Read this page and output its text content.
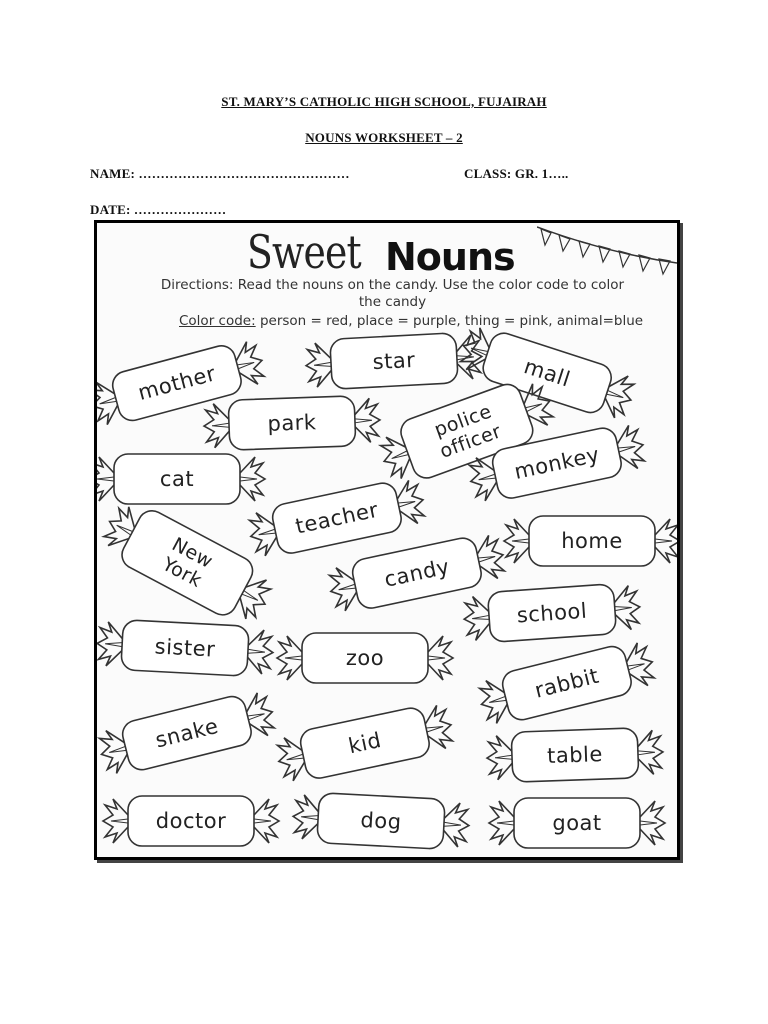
ST. MARY’S CATHOLIC HIGH SCHOOL, FUJAIRAH
NOUNS WORKSHEET – 2
NAME: …………………………………………	CLASS: GR. 1…..
DATE: …………………
Sweet Nouns
Directions: Read the nouns on the candy. Use the color code to color
the candy
Color code: person = red, place = purple, thing = pink, animal=blue
mother
star	mall
park	police
officer
cat	monkey
teacher
New
York
home
candy
school
sister	zoo
rabbit
snake	kid	table
doctor	dog	goat
